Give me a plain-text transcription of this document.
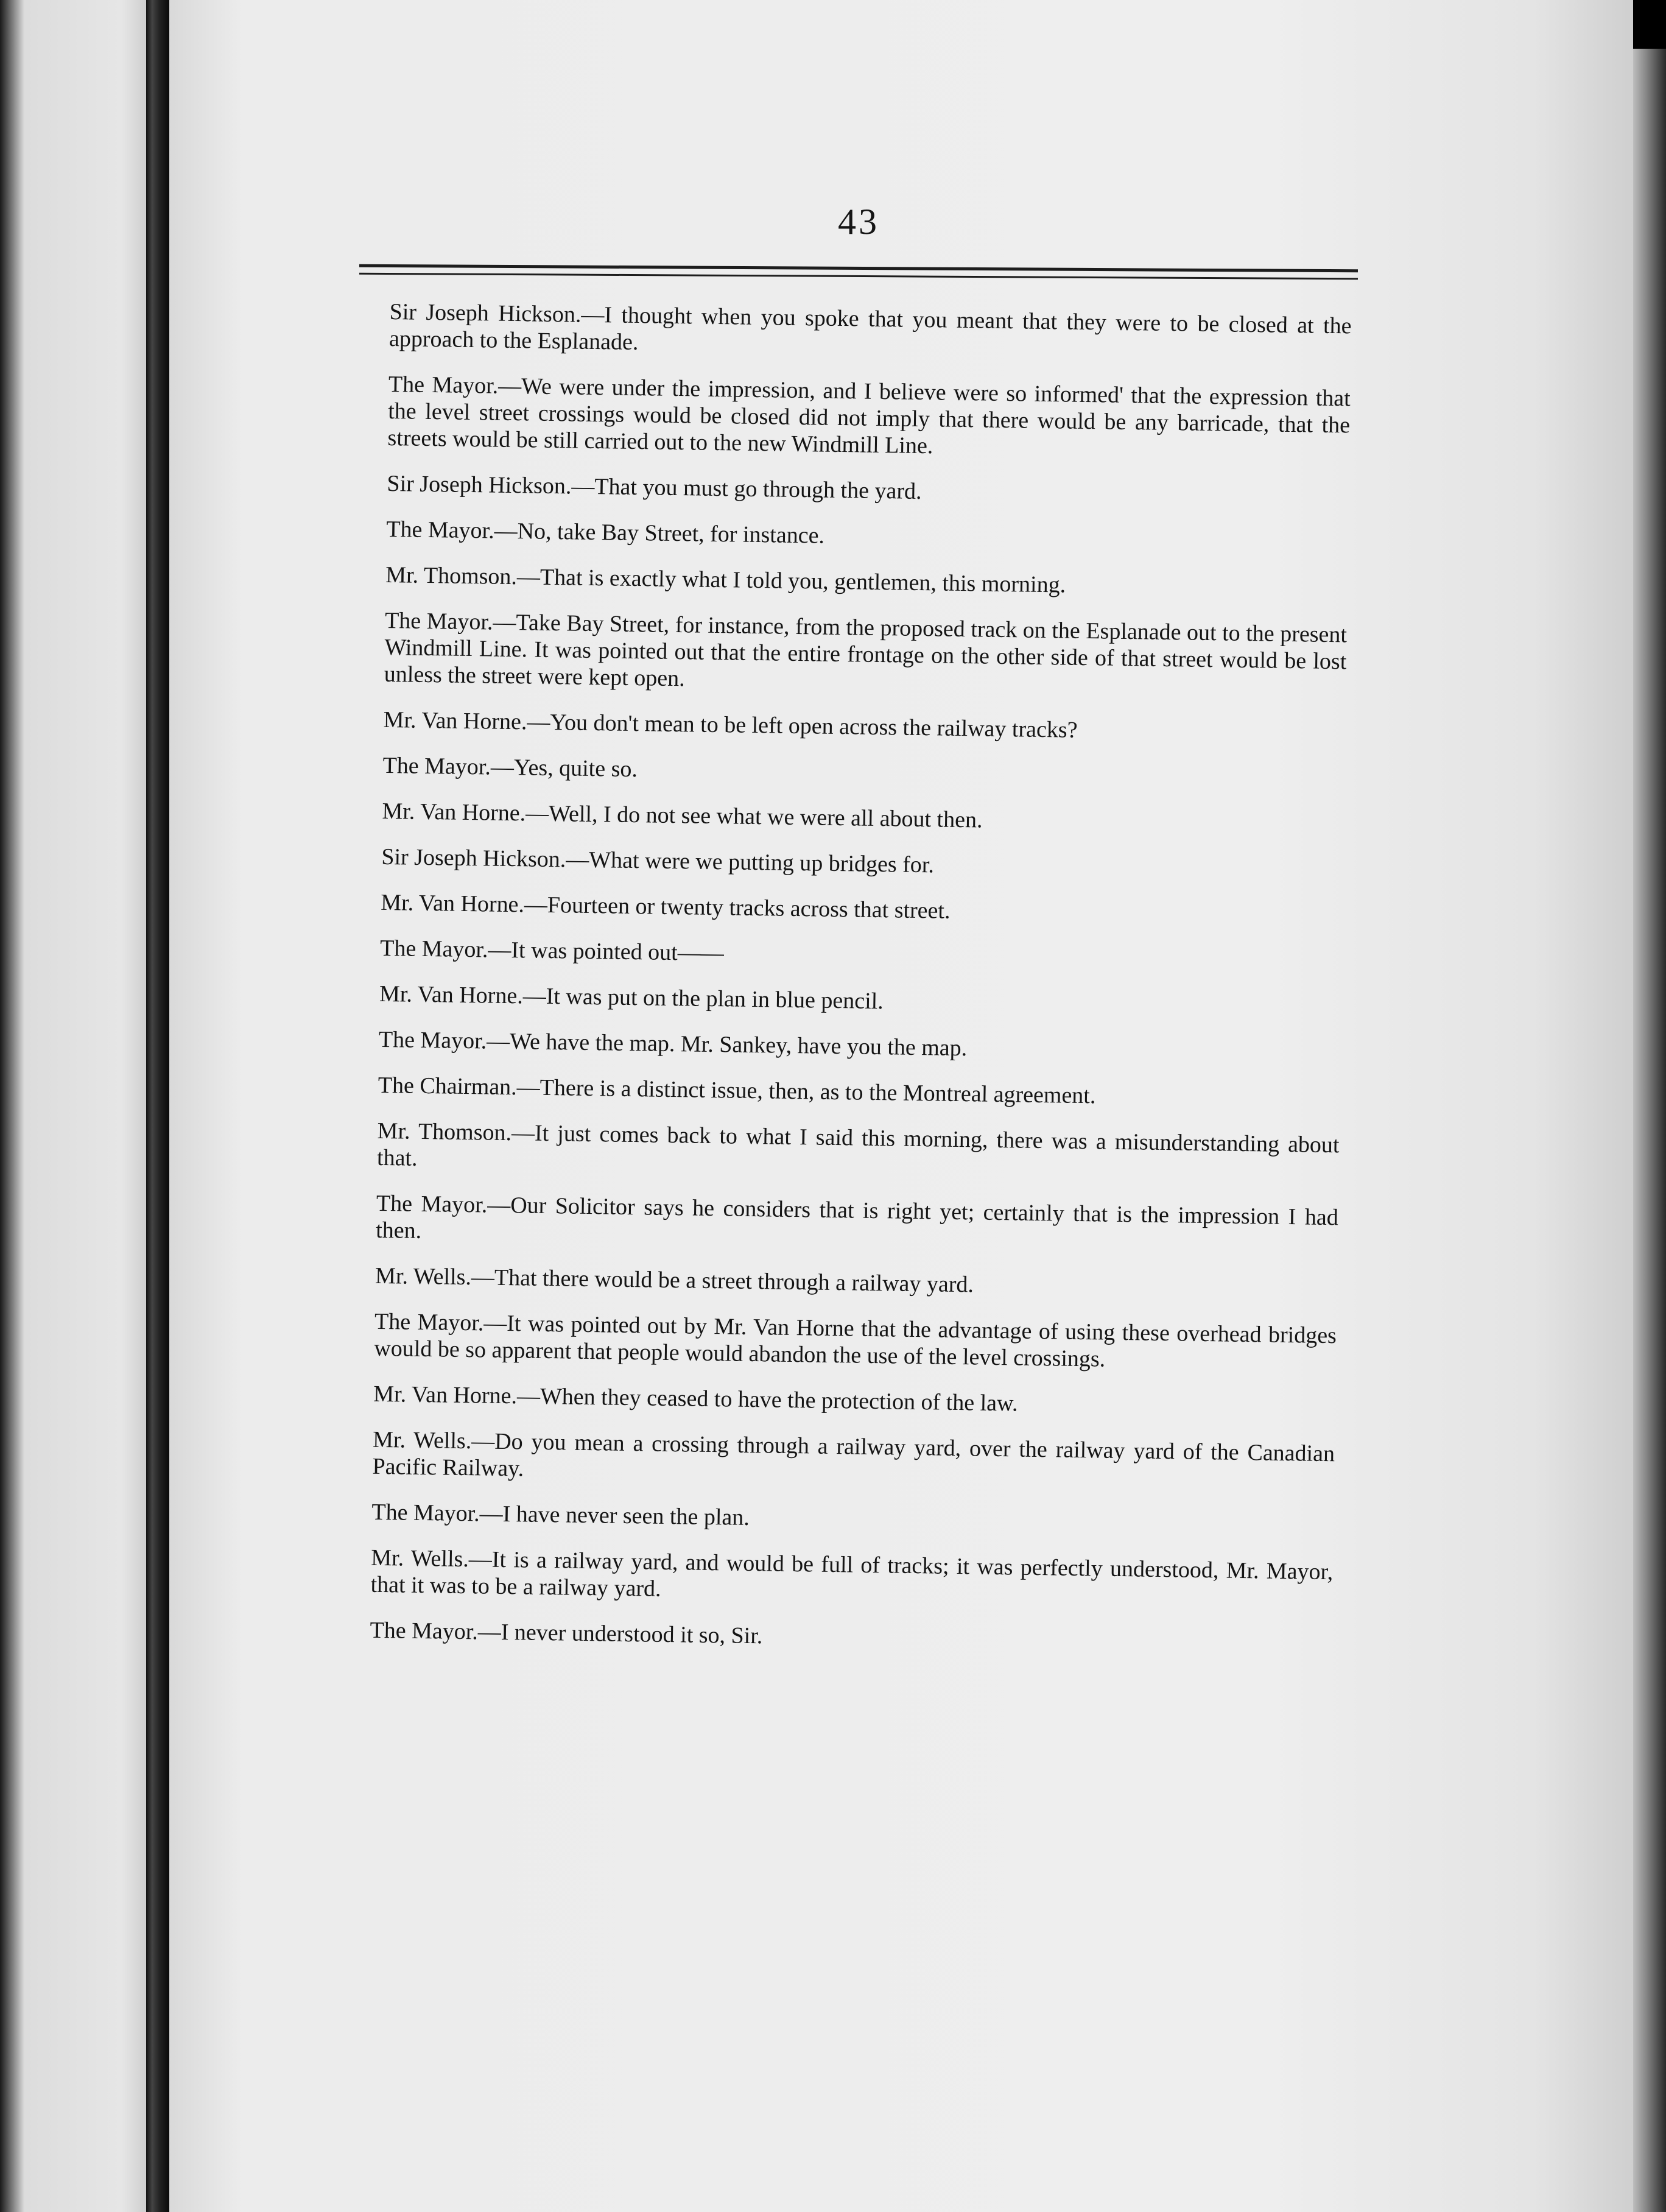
43

Sir Joseph Hickson.—I thought when you spoke that you meant that they were to be closed at the approach to the Esplanade.

The Mayor.—We were under the impression, and I believe were so informed' that the expression that the level street crossings would be closed did not imply that there would be any barricade, that the streets would be still carried out to the new Windmill Line.

Sir Joseph Hickson.—That you must go through the yard.

The Mayor.—No, take Bay Street, for instance.

Mr. Thomson.—That is exactly what I told you, gentlemen, this morning.

The Mayor.—Take Bay Street, for instance, from the proposed track on the Esplanade out to the present Windmill Line. It was pointed out that the entire frontage on the other side of that street would be lost unless the street were kept open.

Mr. Van Horne.—You don't mean to be left open across the railway tracks?

The Mayor.—Yes, quite so.

Mr. Van Horne.—Well, I do not see what we were all about then.

Sir Joseph Hickson.—What were we putting up bridges for.

Mr. Van Horne.—Fourteen or twenty tracks across that street.

The Mayor.—It was pointed out——

Mr. Van Horne.—It was put on the plan in blue pencil.

The Mayor.—We have the map. Mr. Sankey, have you the map.

The Chairman.—There is a distinct issue, then, as to the Montreal agreement.

Mr. Thomson.—It just comes back to what I said this morning, there was a misunderstanding about that.

The Mayor.—Our Solicitor says he considers that is right yet; certainly that is the impression I had then.

Mr. Wells.—That there would be a street through a railway yard.

The Mayor.—It was pointed out by Mr. Van Horne that the advantage of using these overhead bridges would be so apparent that people would abandon the use of the level crossings.

Mr. Van Horne.—When they ceased to have the protection of the law.

Mr. Wells.—Do you mean a crossing through a railway yard, over the railway yard of the Canadian Pacific Railway.

The Mayor.—I have never seen the plan.

Mr. Wells.—It is a railway yard, and would be full of tracks; it was perfectly understood, Mr. Mayor, that it was to be a railway yard.

The Mayor.—I never understood it so, Sir.
